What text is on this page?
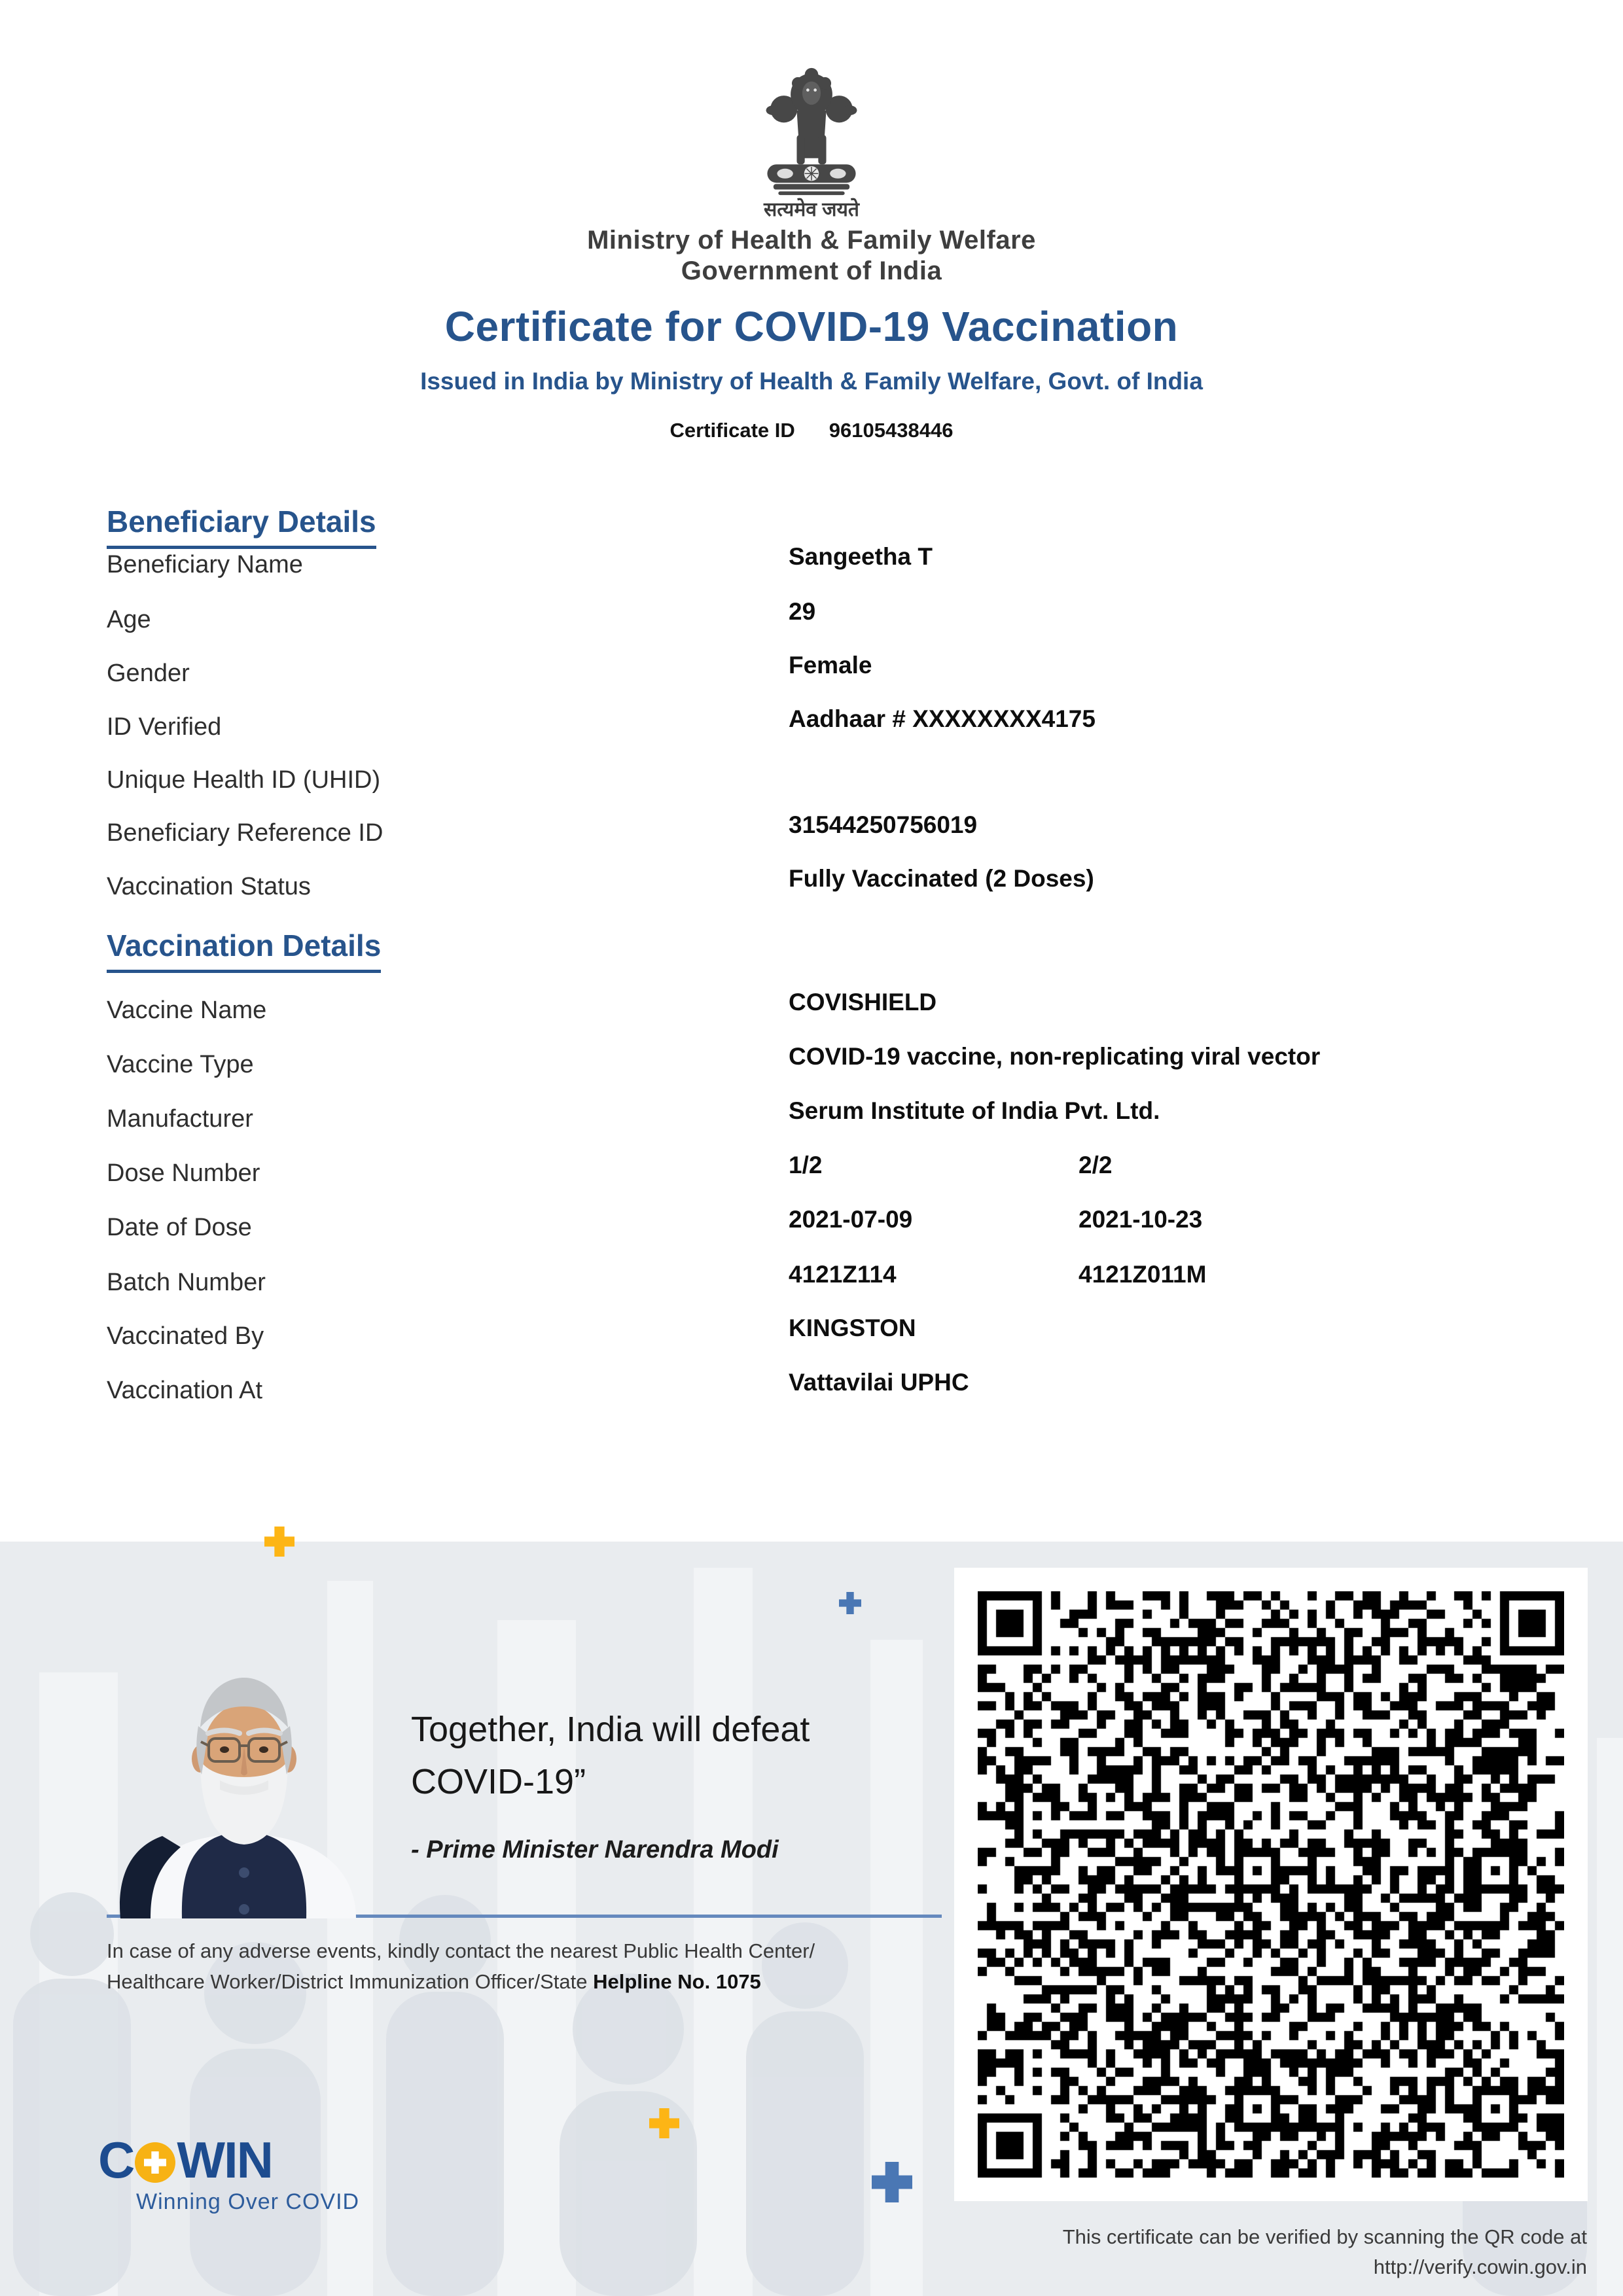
सत्यमेव जयते
Ministry of Health & Family Welfare
Government of India
Certificate for COVID-19 Vaccination
Issued in India by Ministry of Health & Family Welfare, Govt. of India
Certificate ID 96105438446
Beneficiary Details
Beneficiary Name	Sangeetha T
Age	29
Gender	Female
ID Verified	Aadhaar # XXXXXXXX4175
Unique Health ID (UHID)
Beneficiary Reference ID	31544250756019
Vaccination Status	Fully Vaccinated (2 Doses)
Vaccination Details
Vaccine Name	COVISHIELD
Vaccine Type	COVID-19 vaccine, non-replicating viral vector
Manufacturer	Serum Institute of India Pvt. Ltd.
Dose Number	1/2	2/2
Date of Dose	2021-07-09	2021-10-23
Batch Number	4121Z114	4121Z011M
Vaccinated By	KINGSTON
Vaccination At	Vattavilai UPHC
Together, India will defeat
COVID-19”
- Prime Minister Narendra Modi
In case of any adverse events, kindly contact the nearest Public Health Center/
Healthcare Worker/District Immunization Officer/State Helpline No. 1075
C WIN
Winning Over COVID
This certificate can be verified by scanning the QR code at
http://verify.cowin.gov.in
